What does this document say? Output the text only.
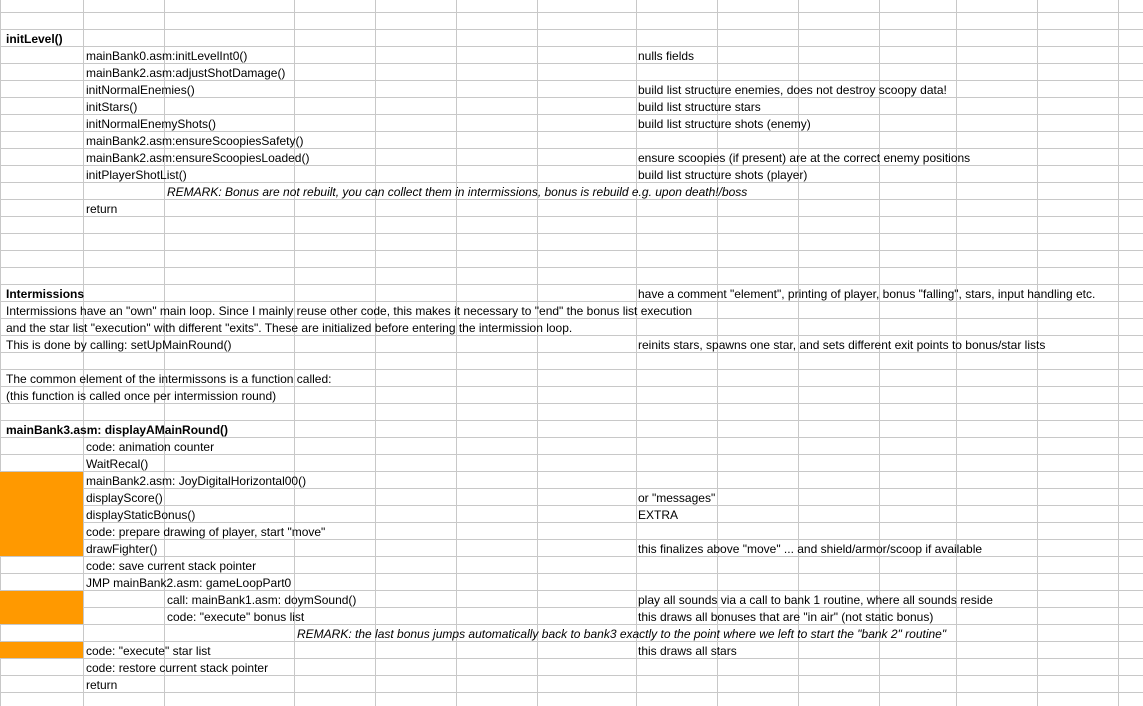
initLevel()
mainBank0.asm:initLevelInt0()	nulls fields
mainBank2.asm:adjustShotDamage()
initNormalEnemies()	build list structure enemies, does not destroy scoopy data!
initStars()	build list structure stars
initNormalEnemyShots()	build list structure shots (enemy)
mainBank2.asm:ensureScoopiesSafety()
mainBank2.asm:ensureScoopiesLoaded()	ensure scoopies (if present) are at the correct enemy positions
initPlayerShotList()	build list structure shots (player)
REMARK: Bonus are not rebuilt, you can collect them in intermissions, bonus is rebuild e.g. upon death!/boss
return
Intermissions	have a comment "element", printing of player, bonus "falling", stars, input handling etc.
Intermissions have an "own" main loop. Since I mainly reuse other code, this makes it necessary to "end" the bonus list execution
and the star list "execution" with different "exits". These are initialized before entering the intermission loop.
This is done by calling: setUpMainRound()	reinits stars, spawns one star, and sets different exit points to bonus/star lists
The common element of the intermissons is a function called:
(this function is called once per intermission round)
mainBank3.asm: displayAMainRound()
code: animation counter
WaitRecal()
mainBank2.asm: JoyDigitalHorizontal00()
displayScore()	or "messages"
displayStaticBonus()	EXTRA
code: prepare drawing of player, start "move"
drawFighter()	this finalizes above "move" ... and shield/armor/scoop if available
code: save current stack pointer
JMP mainBank2.asm: gameLoopPart0
call: mainBank1.asm: doymSound()	play all sounds via a call to bank 1 routine, where all sounds reside
code: "execute" bonus list	this draws all bonuses that are "in air" (not static bonus)
REMARK: the last bonus jumps automatically back to bank3 exactly to the point where we left to start the "bank 2" routine"
code: "execute" star list	this draws all stars
code: restore current stack pointer
return
